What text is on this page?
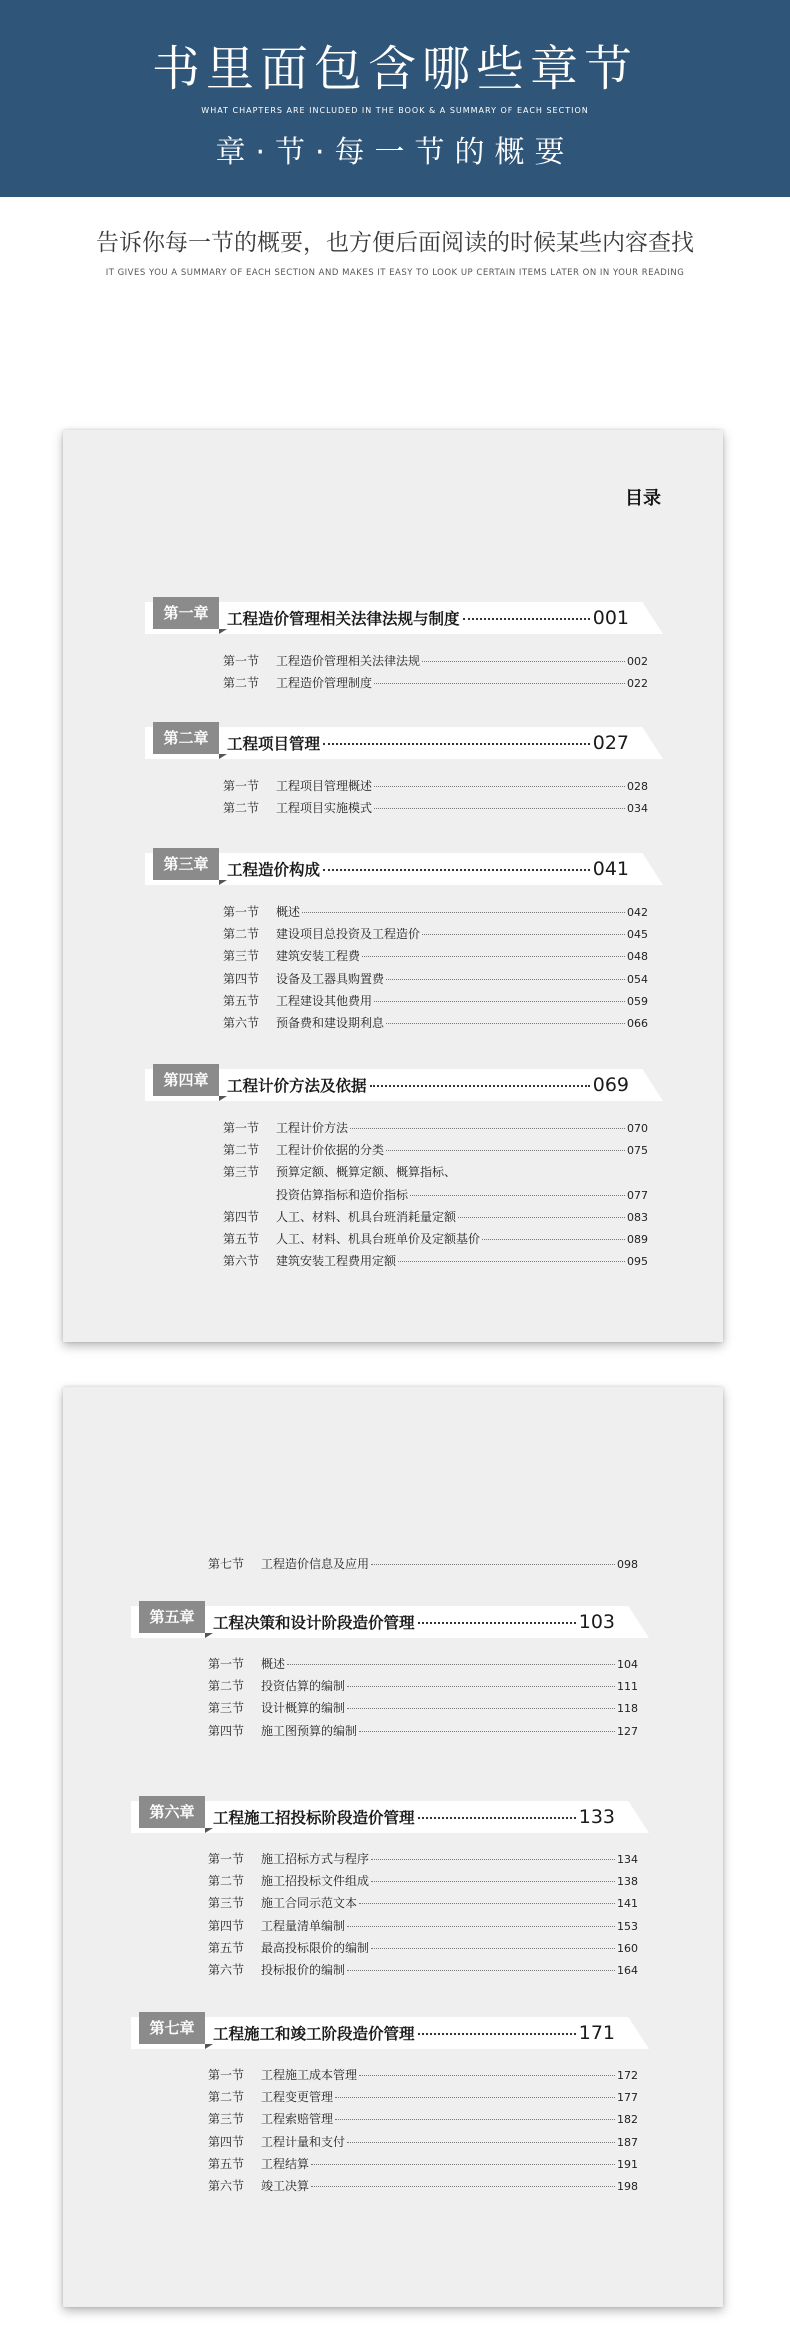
书里面包含哪些章节
WHAT CHAPTERS ARE INCLUDED IN THE BOOK & A SUMMARY OF EACH SECTION
章·节·每一节的概要
告诉你每一节的概要，也方便后面阅读的时候某些内容查找
IT GIVES YOU A SUMMARY OF EACH SECTION AND MAKES IT EASY TO LOOK UP CERTAIN ITEMS LATER ON IN YOUR READING
目录
第一章	工程造价管理相关法律法规与制度	001
第一节	工程造价管理相关法律法规	002
第二节	工程造价管理制度	022
第二章	工程项目管理	027
第一节	工程项目管理概述	028
第二节	工程项目实施模式	034
第三章	工程造价构成	041
第一节	概述	042
第二节	建设项目总投资及工程造价	045
第三节	建筑安装工程费	048
第四节	设备及工器具购置费	054
第五节	工程建设其他费用	059
第六节	预备费和建设期利息	066
第四章	工程计价方法及依据	069
第一节	工程计价方法	070
第二节	工程计价依据的分类	075
第三节	预算定额、概算定额、概算指标、
投资估算指标和造价指标	077
第四节	人工、材料、机具台班消耗量定额	083
第五节	人工、材料、机具台班单价及定额基价	089
第六节	建筑安装工程费用定额	095
第七节	工程造价信息及应用	098
第五章	工程决策和设计阶段造价管理	103
第一节	概述	104
第二节	投资估算的编制	111
第三节	设计概算的编制	118
第四节	施工图预算的编制	127
第六章	工程施工招投标阶段造价管理	133
第一节	施工招标方式与程序	134
第二节	施工招投标文件组成	138
第三节	施工合同示范文本	141
第四节	工程量清单编制	153
第五节	最高投标限价的编制	160
第六节	投标报价的编制	164
第七章	工程施工和竣工阶段造价管理	171
第一节	工程施工成本管理	172
第二节	工程变更管理	177
第三节	工程索赔管理	182
第四节	工程计量和支付	187
第五节	工程结算	191
第六节	竣工决算	198
